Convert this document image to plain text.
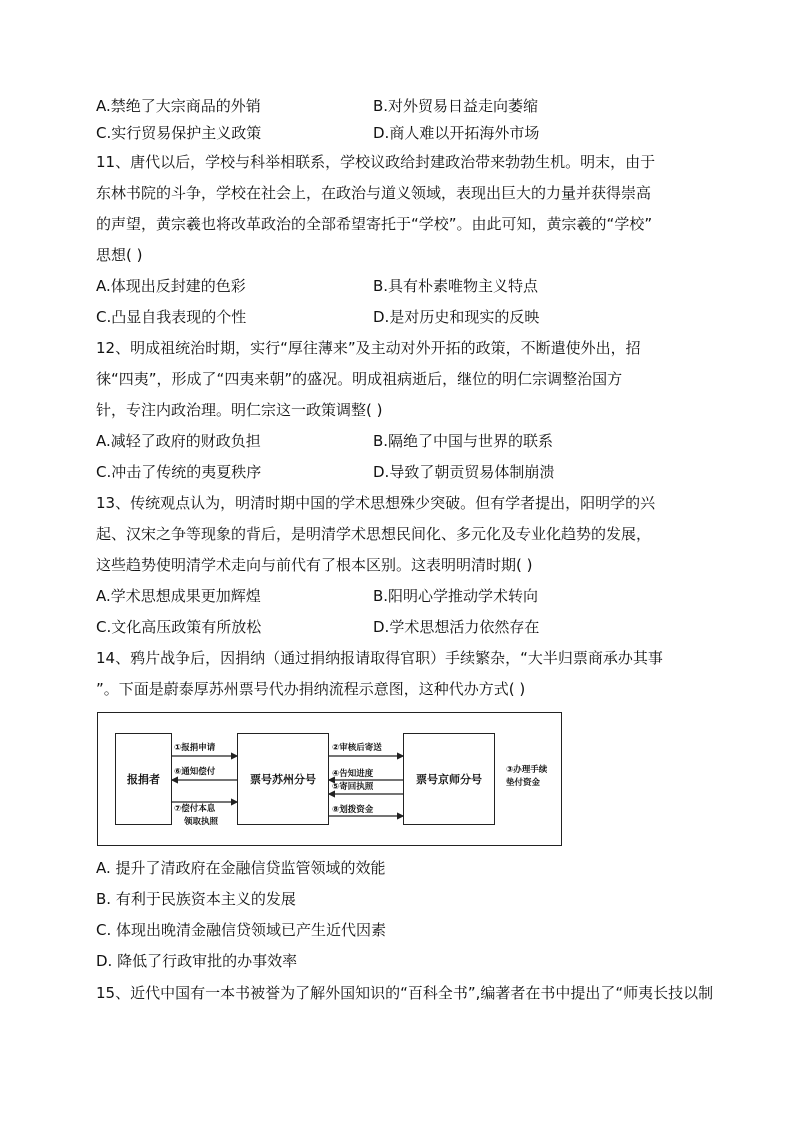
A.禁绝了大宗商品的外销	B.对外贸易日益走向萎缩
C.实行贸易保护主义政策	D.商人难以开拓海外市场
11、唐代以后，学校与科举相联系，学校议政给封建政治带来勃勃生机。明末，由于
东林书院的斗争，学校在社会上，在政治与道义领域，表现出巨大的力量并获得崇高
的声望，黄宗羲也将改革政治的全部希望寄托于“学校”。由此可知，黄宗羲的“学校”
思想( )
A.体现出反封建的色彩	B.具有朴素唯物主义特点
C.凸显自我表现的个性	D.是对历史和现实的反映
12、明成祖统治时期，实行“厚往薄来”及主动对外开拓的政策，不断遣使外出，招
徕“四夷”，形成了“四夷来朝”的盛况。明成祖病逝后，继位的明仁宗调整治国方
针，专注内政治理。明仁宗这一政策调整( )
A.减轻了政府的财政负担	B.隔绝了中国与世界的联系
C.冲击了传统的夷夏秩序	D.导致了朝贡贸易体制崩溃
13、传统观点认为，明清时期中国的学术思想殊少突破。但有学者提出，阳明学的兴
起、汉宋之争等现象的背后，是明清学术思想民间化、多元化及专业化趋势的发展，
这些趋势使明清学术走向与前代有了根本区别。这表明明清时期( )
A.学术思想成果更加辉煌	B.阳明心学推动学术转向
C.文化高压政策有所放松	D.学术思想活力依然存在
14、鸦片战争后，因捐纳（通过捐纳报请取得官职）手续繁杂，“大半归票商承办其事
”。下面是蔚泰厚苏州票号代办捐纳流程示意图，这种代办方式( )
报捐者	票号苏州分号	票号京师分号
①报捐申请
⑥通知偿付
⑦偿付本息
领取执照
②审核后寄送
④告知进度
⑤寄回执照
⑧划拨资金
③办理手续
垫付资金
A. 提升了清政府在金融信贷监管领域的效能
B. 有利于民族资本主义的发展
C. 体现出晚清金融信贷领域已产生近代因素
D. 降低了行政审批的办事效率
15、近代中国有一本书被誉为了解外国知识的“百科全书”,编著者在书中提出了“师夷长技以制
